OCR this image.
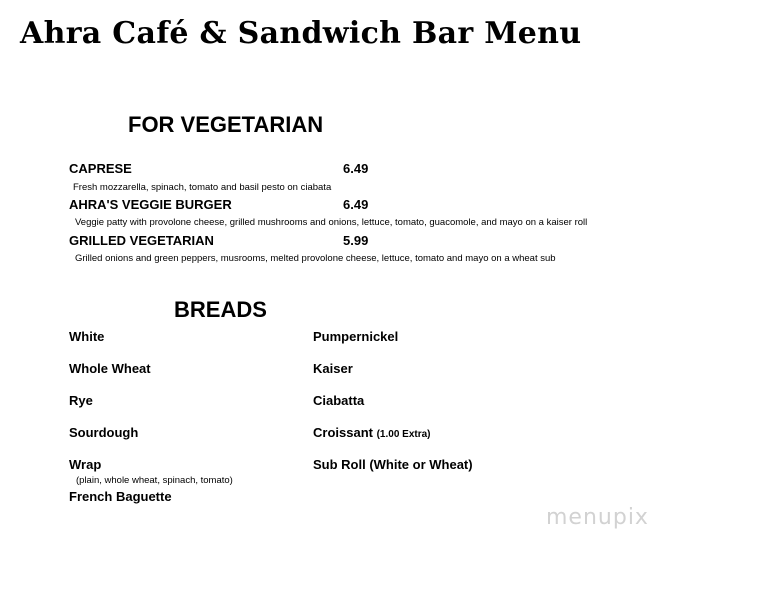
Ahra Café & Sandwich Bar Menu
FOR VEGETARIAN
CAPRESE	6.49
Fresh mozzarella, spinach, tomato and basil pesto on ciabata
AHRA'S VEGGIE BURGER	6.49
Veggie patty with provolone cheese, grilled mushrooms and onions, lettuce, tomato, guacomole, and mayo on a kaiser roll
GRILLED VEGETARIAN	5.99
Grilled onions and green peppers, musrooms, melted provolone cheese, lettuce, tomato and mayo on a wheat sub
BREADS
White
Whole Wheat
Rye
Sourdough
Wrap
(plain, whole wheat, spinach, tomato)
French Baguette
Pumpernickel
Kaiser
Ciabatta
Croissant (1.00 Extra)
Sub Roll (White or Wheat)
menupix
